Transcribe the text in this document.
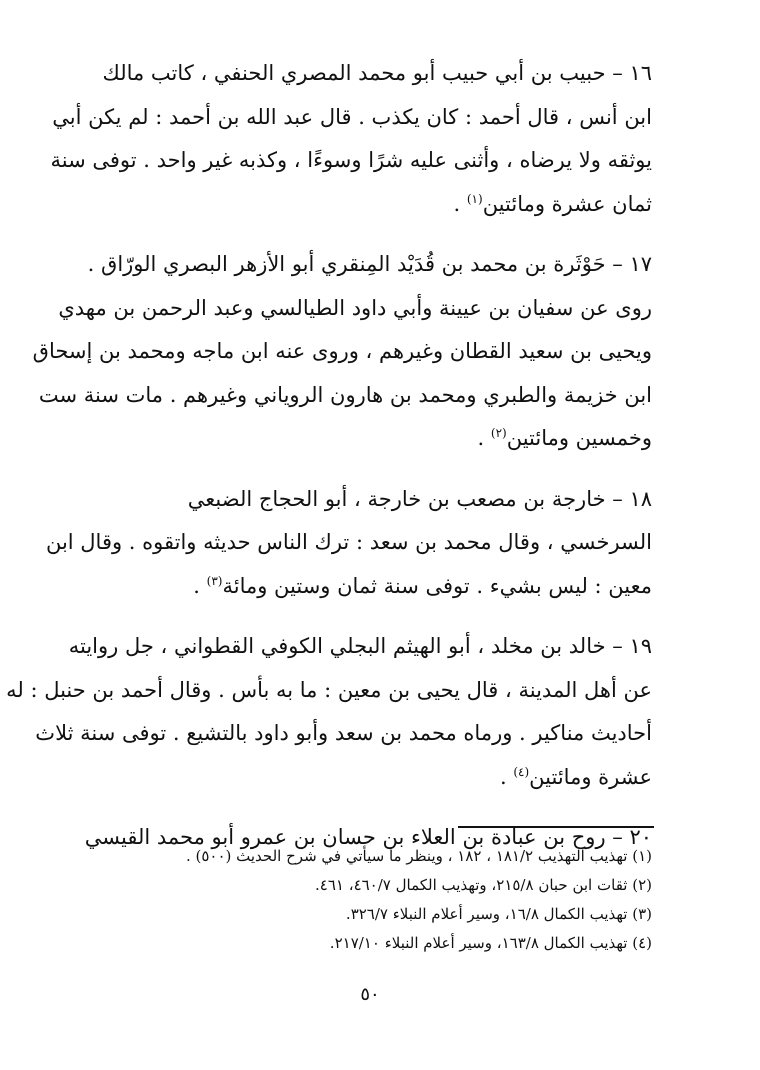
١٦ – حبيب بن أبي حبيب أبو محمد المصري الحنفي ، كاتب مالك
ابن أنس ، قال أحمد : كان يكذب . قال عبد الله بن أحمد : لم يكن أبي
يوثقه ولا يرضاه ، وأثنى عليه شرًا وسوءًا ، وكذبه غير واحد . توفى سنة
ثمان عشرة ومائتين$^{(١)}$ .
١٧ – حَوْثَرة بن محمد بن قُدَيْد المِنقري أبو الأزهر البصري الورّاق .
روى عن سفيان بن عيينة وأبي داود الطيالسي وعبد الرحمن بن مهدي
ويحيى بن سعيد القطان وغيرهم ، وروى عنه ابن ماجه ومحمد بن إسحاق
ابن خزيمة والطبري ومحمد بن هارون الروياني وغيرهم . مات سنة ست
وخمسين ومائتين$^{(٢)}$ .
١٨ – خارجة بن مصعب بن خارجة ، أبو الحجاج الضبعي
السرخسي ، وقال محمد بن سعد : ترك الناس حديثه واتقوه . وقال ابن
معين : ليس بشيء . توفى سنة ثمان وستين ومائة$^{(٣)}$ .
١٩ – خالد بن مخلد ، أبو الهيثم البجلي الكوفي القطواني ، جل روايته
عن أهل المدينة ، قال يحيى بن معين : ما به بأس . وقال أحمد بن حنبل : له
أحاديث مناكير . ورماه محمد بن سعد وأبو داود بالتشيع . توفى سنة ثلاث
عشرة ومائتين$^{(٤)}$ .
٢٠ – روح بن عبادة بن العلاء بن حسان بن عمرو أبو محمد القيسي
(١) تهذيب التهذيب ١٨١/٢ ، ١٨٢ ، وينظر ما سيأتي في شرح الحديث (٥٠٠) .
(٢) ثقات ابن حبان ٢١٥/٨، وتهذيب الكمال ٤٦٠/٧، ٤٦١.
(٣) تهذيب الكمال ١٦/٨، وسير أعلام النبلاء ٣٢٦/٧.
(٤) تهذيب الكمال ١٦٣/٨، وسير أعلام النبلاء ٢١٧/١٠.
٥٠
